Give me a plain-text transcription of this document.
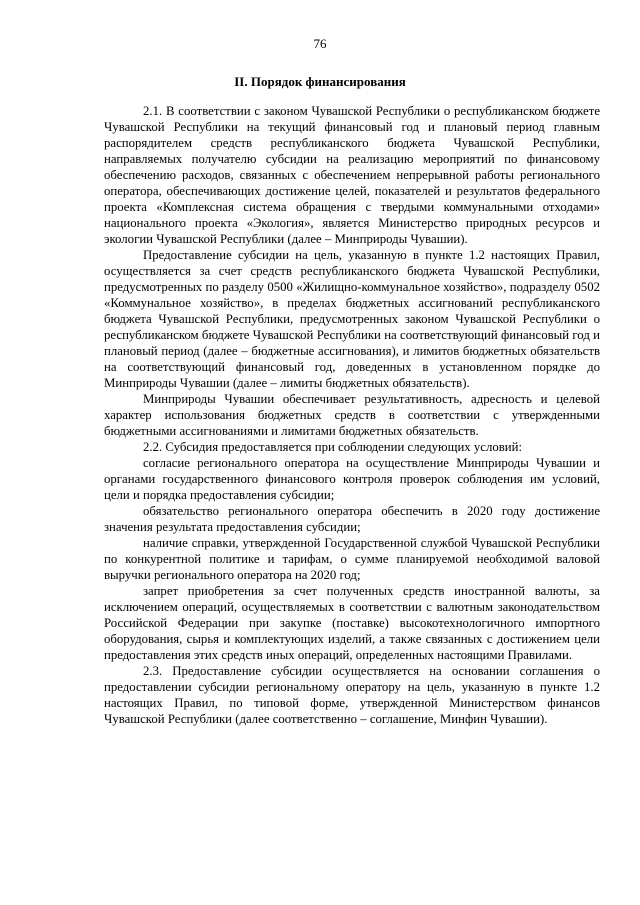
76
II. Порядок финансирования

2.1. В соответствии с законом Чувашской Республики о республиканском бюджете Чувашской Республики на текущий финансовый год и плановый период главным распорядителем средств республиканского бюджета Чувашской Республики, направляемых получателю субсидии на реализацию мероприятий по финансовому обеспечению расходов, связанных с обеспечением непрерывной работы регионального оператора, обеспечивающих достижение целей, показателей и результатов федерального проекта «Комплексная система обращения с твердыми коммунальными отходами» национального проекта «Экология», является Министерство природных ресурсов и экологии Чувашской Республики (далее – Минприроды Чувашии).

Предоставление субсидии на цель, указанную в пункте 1.2 настоящих Правил, осуществляется за счет средств республиканского бюджета Чувашской Республики, предусмотренных по разделу 0500 «Жилищно-коммунальное хозяйство», подразделу 0502 «Коммунальное хозяйство», в пределах бюджетных ассигнований республиканского бюджета Чувашской Республики, предусмотренных законом Чувашской Республики о республиканском бюджете Чувашской Республики на соответствующий финансовый год и плановый период (далее – бюджетные ассигнования), и лимитов бюджетных обязательств на соответствующий финансовый год, доведенных в установленном порядке до Минприроды Чувашии (далее – лимиты бюджетных обязательств).

Минприроды Чувашии обеспечивает результативность, адресность и целевой характер использования бюджетных средств в соответствии с утвержденными бюджетными ассигнованиями и лимитами бюджетных обязательств.

2.2. Субсидия предоставляется при соблюдении следующих условий:

согласие регионального оператора на осуществление Минприроды Чувашии и органами государственного финансового контроля проверок соблюдения им условий, цели и порядка предоставления субсидии;

обязательство регионального оператора обеспечить в 2020 году достижение значения результата предоставления субсидии;

наличие справки, утвержденной Государственной службой Чувашской Республики по конкурентной политике и тарифам, о сумме планируемой необходимой валовой выручки регионального оператора на 2020 год;

запрет приобретения за счет полученных средств иностранной валюты, за исключением операций, осуществляемых в соответствии с валютным законодательством Российской Федерации при закупке (поставке) высокотехнологичного импортного оборудования, сырья и комплектующих изделий, а также связанных с достижением цели предоставления этих средств иных операций, определенных настоящими Правилами.

2.3. Предоставление субсидии осуществляется на основании соглашения о предоставлении субсидии региональному оператору на цель, указанную в пункте 1.2 настоящих Правил, по типовой форме, утвержденной Министерством финансов Чувашской Республики (далее соответственно – соглашение, Минфин Чувашии).
